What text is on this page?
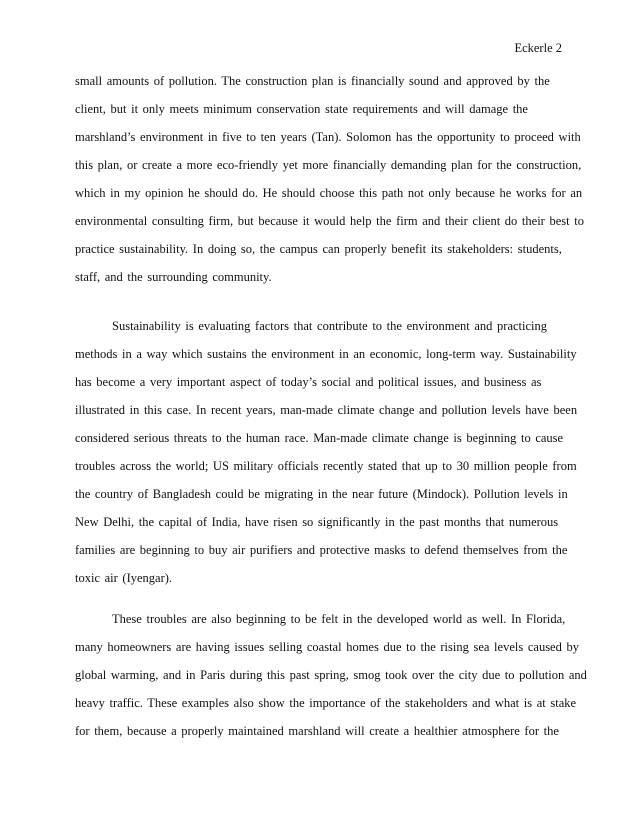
Eckerle 2
small amounts of pollution. The construction plan is financially sound and approved by the
client, but it only meets minimum conservation state requirements and will damage the
marshland’s environment in five to ten years (Tan). Solomon has the opportunity to proceed with
this plan, or create a more eco-friendly yet more financially demanding plan for the construction,
which in my opinion he should do. He should choose this path not only because he works for an
environmental consulting firm, but because it would help the firm and their client do their best to
practice sustainability. In doing so, the campus can properly benefit its stakeholders: students,
staff, and the surrounding community.
Sustainability is evaluating factors that contribute to the environment and practicing
methods in a way which sustains the environment in an economic, long-term way. Sustainability
has become a very important aspect of today’s social and political issues, and business as
illustrated in this case. In recent years, man-made climate change and pollution levels have been
considered serious threats to the human race. Man-made climate change is beginning to cause
troubles across the world; US military officials recently stated that up to 30 million people from
the country of Bangladesh could be migrating in the near future (Mindock). Pollution levels in
New Delhi, the capital of India, have risen so significantly in the past months that numerous
families are beginning to buy air purifiers and protective masks to defend themselves from the
toxic air (Iyengar).
These troubles are also beginning to be felt in the developed world as well. In Florida,
many homeowners are having issues selling coastal homes due to the rising sea levels caused by
global warming, and in Paris during this past spring, smog took over the city due to pollution and
heavy traffic. These examples also show the importance of the stakeholders and what is at stake
for them, because a properly maintained marshland will create a healthier atmosphere for the
